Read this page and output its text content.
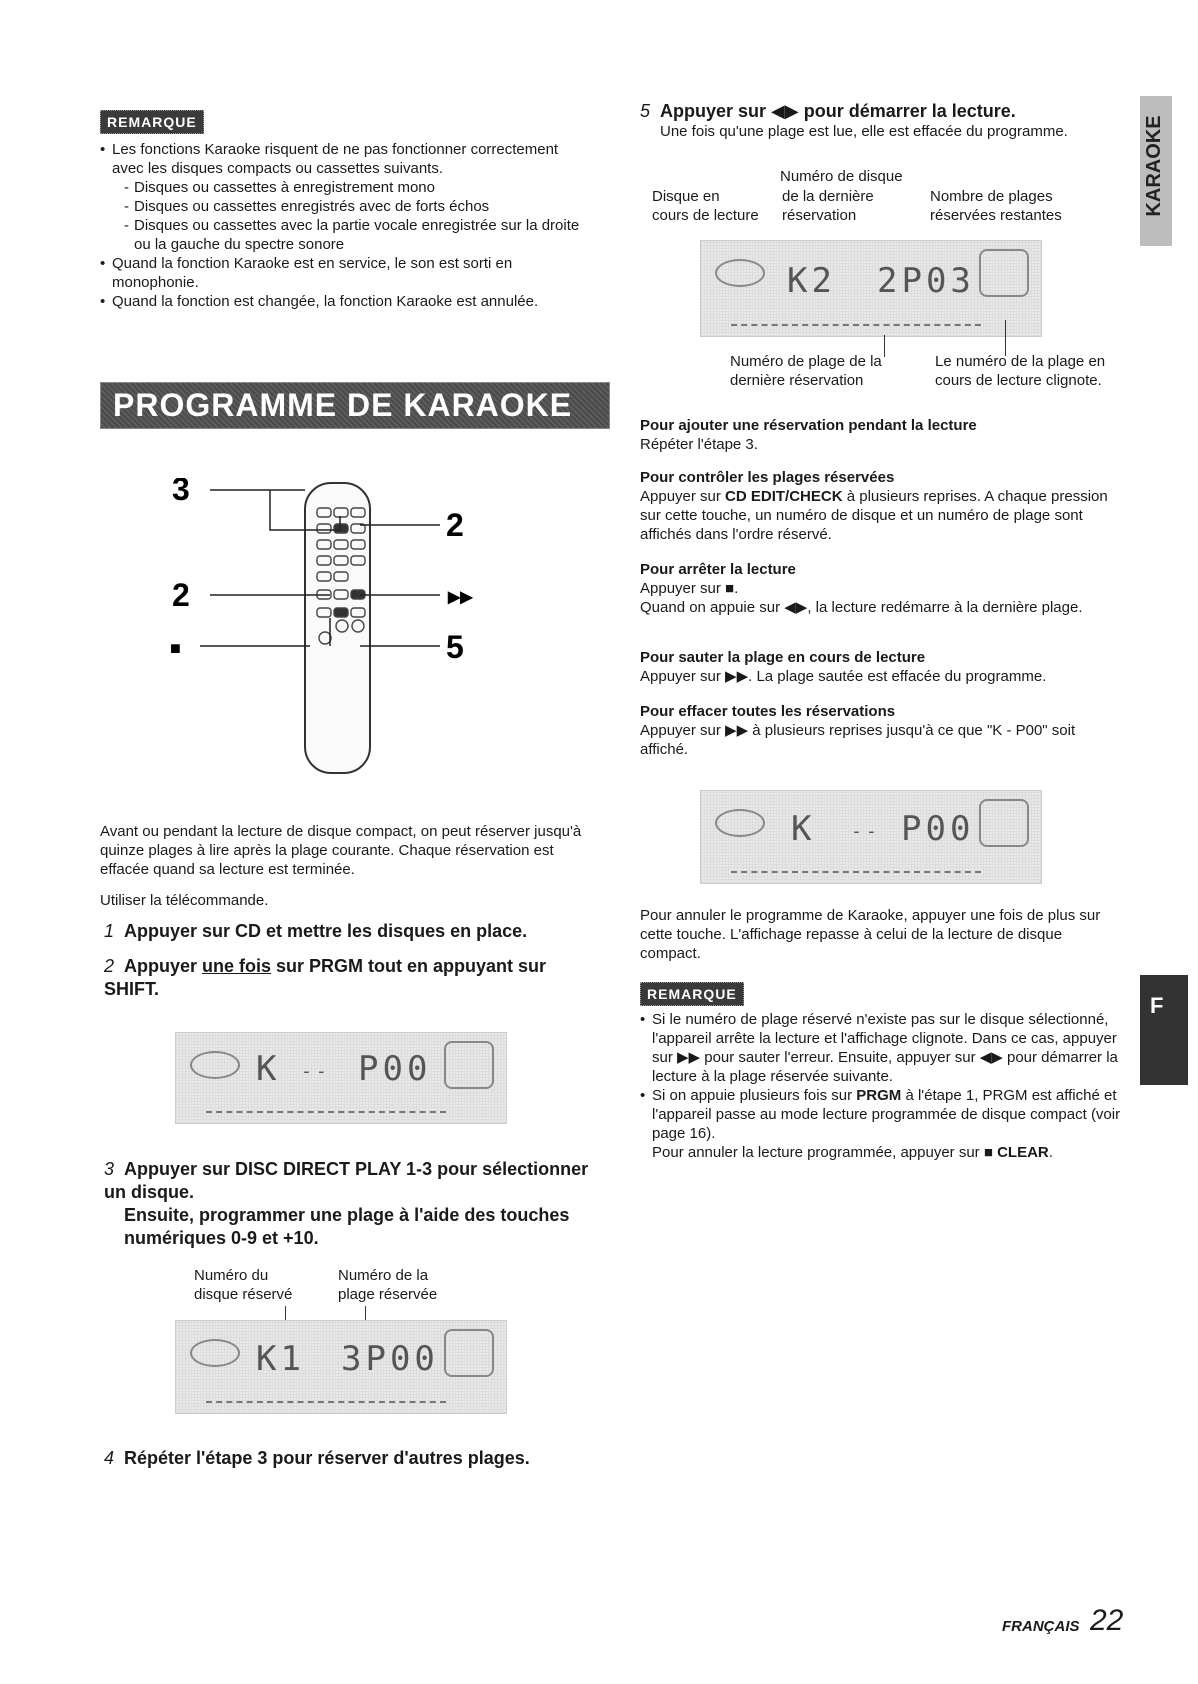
REMARQUE
• Les fonctions Karaoke risquent de ne pas fonctionner correctement avec les disques compacts ou cassettes suivants.
- Disques ou cassettes à enregistrement mono
- Disques ou cassettes enregistrés avec de forts échos
- Disques ou cassettes avec la partie vocale enregistrée sur la droite ou la gauche du spectre sonore
• Quand la fonction Karaoke est en service, le son est sorti en monophonie.
• Quand la fonction est changée, la fonction Karaoke est annulée.
PROGRAMME DE KARAOKE
3
2
■
2
▶▶
5
Avant ou pendant la lecture de disque compact, on peut réserver jusqu'à quinze plages à lire après la plage courante. Chaque réservation est effacée quand sa lecture est terminée.
Utiliser la télécommande.
1 Appuyer sur CD et mettre les disques en place.
2 Appuyer une fois sur PRGM tout en appuyant sur SHIFT.
K -- P00
3 Appuyer sur DISC DIRECT PLAY 1-3 pour sélectionner un disque.
Ensuite, programmer une plage à l'aide des touches numériques 0-9 et +10.
Numéro du
disque réservé
Numéro de la
plage réservée
K1 3P00
4 Répéter l'étape 3 pour réserver d'autres plages.
5 Appuyer sur ◀▶ pour démarrer la lecture.
Une fois qu'une plage est lue, elle est effacée du programme.
Numéro de disque
Disque en
cours de lecture
de la dernière
réservation
Nombre de plages
réservées restantes
K2 2P03
Numéro de plage de la
dernière réservation
Le numéro de la plage en
cours de lecture clignote.
Pour ajouter une réservation pendant la lecture
Répéter l'étape 3.
Pour contrôler les plages réservées
Appuyer sur CD EDIT/CHECK à plusieurs reprises. A chaque pression sur cette touche, un numéro de disque et un numéro de plage sont affichés dans l'ordre réservé.
Pour arrêter la lecture
Appuyer sur ■.
Quand on appuie sur ◀▶, la lecture redémarre à la dernière plage.
Pour sauter la plage en cours de lecture
Appuyer sur ▶▶. La plage sautée est effacée du programme.
Pour effacer toutes les réservations
Appuyer sur ▶▶ à plusieurs reprises jusqu'à ce que "K - P00" soit affiché.
K -- P00
Pour annuler le programme de Karaoke, appuyer une fois de plus sur cette touche. L'affichage repasse à celui de la lecture de disque compact.
REMARQUE
• Si le numéro de plage réservé n'existe pas sur le disque sélectionné, l'appareil arrête la lecture et l'affichage clignote. Dans ce cas, appuyer sur ▶▶ pour sauter l'erreur. Ensuite, appuyer sur ◀▶ pour démarrer la lecture à la plage réservée suivante.
• Si on appuie plusieurs fois sur PRGM à l'étape 1, PRGM est affiché et l'appareil passe au mode lecture programmée de disque compact (voir page 16).
Pour annuler la lecture programmée, appuyer sur ■ CLEAR.
KARAOKE
F
FRANÇAIS 22
